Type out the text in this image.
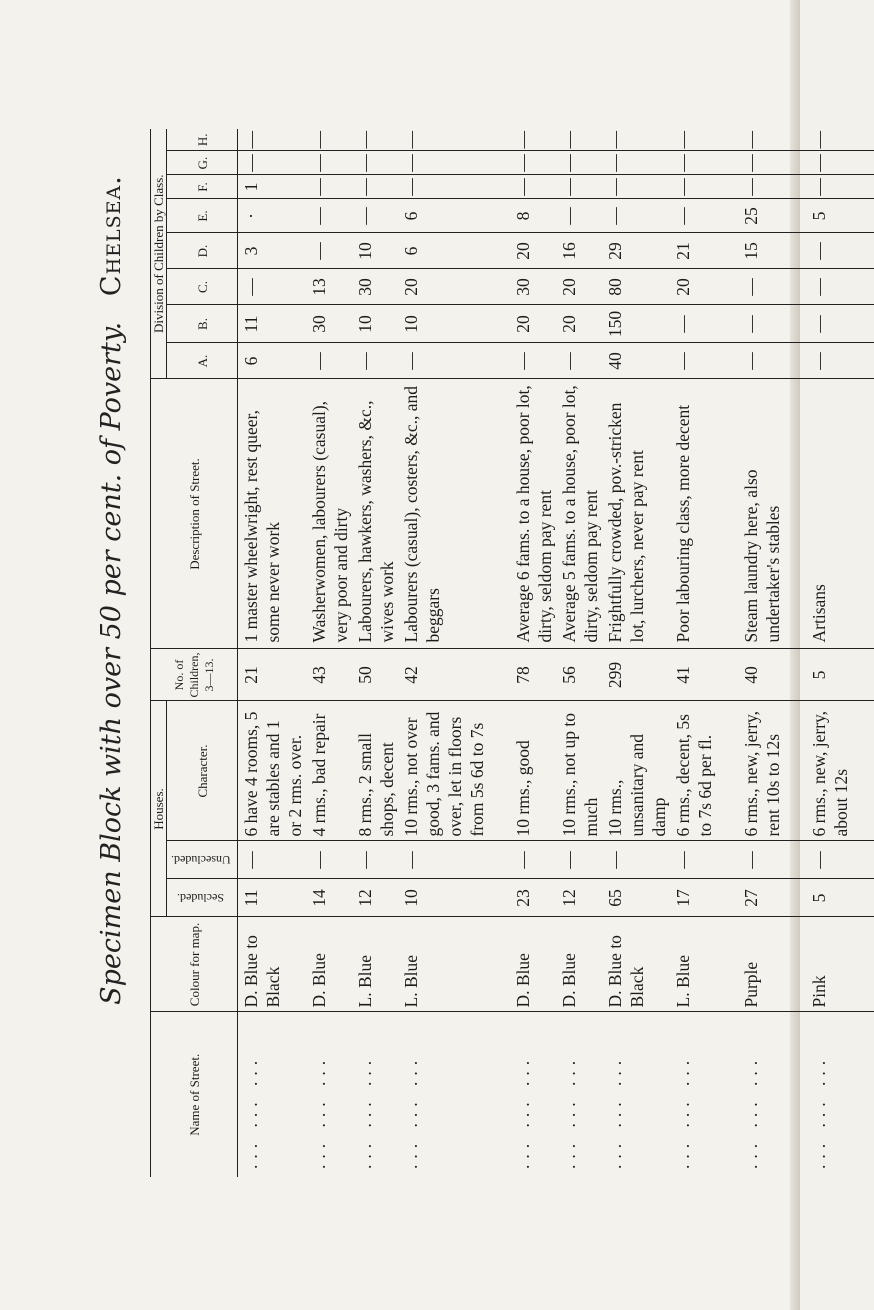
Specimen Block with over 50 per cent. of Poverty.   Chelsea.
Name of Street.	Colour for map.	Houses.			No. of Children, 3—13.	Description of Street.	Division of Children by Class.							
		Secluded.	Unsecluded.	Character.			A.	B.	C.	D.	E.	F.	G.	H.
... ... ...	D. Blue to Black	11	—	6 have 4 rooms, 5 are stables and 1 or 2 rms. over.	21	1 master wheelwright, rest queer, some never work	6	11	—	3	·	1	—	—
... ... ...	D. Blue	14	—	4 rms., bad repair	43	Washerwomen, labourers (casual), very poor and dirty	—	30	13	—	—	—	—	—
... ... ...	L. Blue	12	—	8 rms., 2 small shops, decent	50	Labourers, hawkers, washers, &c., wives work	—	10	30	10	—	—	—	—
... ... ...	L. Blue	10	—	10 rms., not over good, 3 fams. and over, let in floors from 5s 6d to 7s	42	Labourers (casual), costers, &c., and beggars	—	10	20	6	6	—	—	—
... ... ...	D. Blue	23	—	10 rms., good	78	Average 6 fams. to a house, poor lot, dirty, seldom pay rent	—	20	30	20	8	—	—	—
... ... ...	D. Blue	12	—	10 rms., not up to much	56	Average 5 fams. to a house, poor lot, dirty, seldom pay rent	—	20	20	16	—	—	—	—
... ... ...	D. Blue to Black	65	—	10 rms., unsanitary and damp	299	Frightfully crowded, pov.-stricken lot, lurchers, never pay rent	40	150	80	29	—	—	—	—
... ... ...	L. Blue	17	—	6 rms., decent, 5s to 7s 6d per fl.	41	Poor labouring class, more decent	—	—	20	21	—	—	—	—
... ... ...	Purple	27	—	6 rms., new, jerry, rent 10s to 12s	40	Steam laundry here, also undertaker's stables	—	—	—	15	25	—	—	—
... ... ...	Pink	5	—	6 rms., new, jerry, about 12s	5	Artisans	—	—	—	—	5	—	—	—
